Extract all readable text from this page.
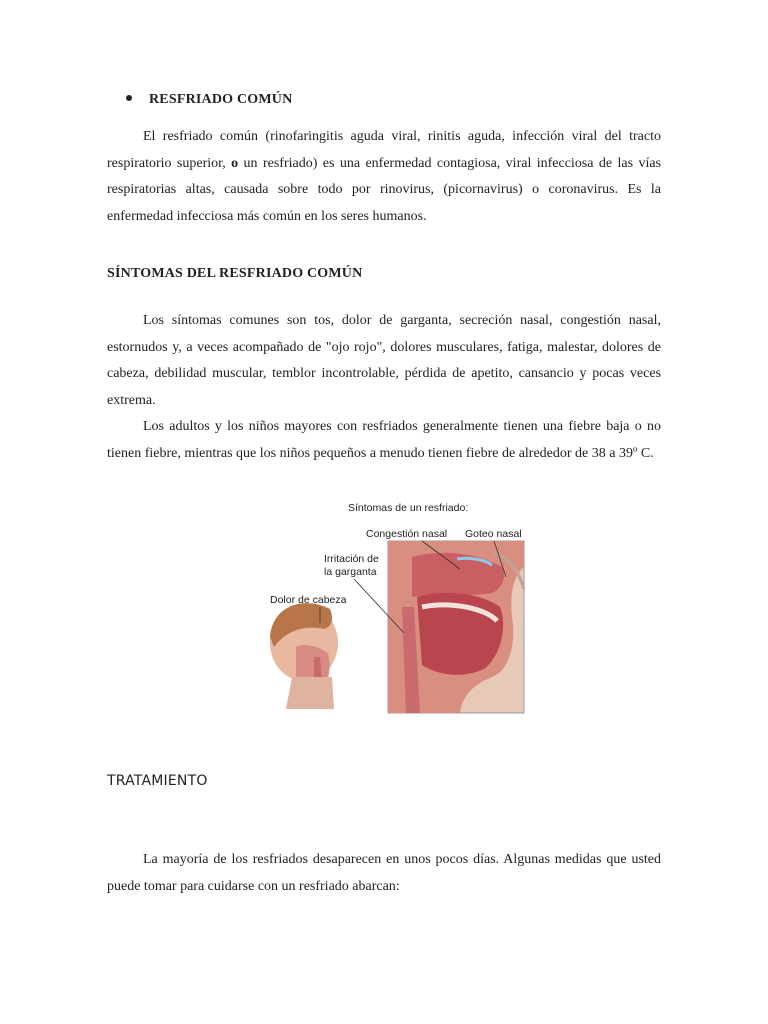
RESFRIADO COMÚN

El resfriado común (rinofaringitis aguda viral, rinitis aguda, infección viral del tracto respiratorio superior, o un resfriado) es una enfermedad contagiosa, viral infecciosa de las vías respiratorias altas, causada sobre todo por rinovirus, (picornavirus) o coronavirus. Es la enfermedad infecciosa más común en los seres humanos.

SÍNTOMAS DEL RESFRIADO COMÚN

Los síntomas comunes son tos, dolor de garganta, secreción nasal, congestión nasal, estornudos y, a veces acompañado de "ojo rojo", dolores musculares, fatiga, malestar, dolores de cabeza, debilidad muscular, temblor incontrolable, pérdida de apetito, cansancio y pocas veces extrema.

Los adultos y los niños mayores con resfriados generalmente tienen una fiebre baja o no tienen fiebre, mientras que los niños pequeños a menudo tienen fiebre de alrededor de 38 a 39º C.

Síntomas de un resfriado:
Congestión nasal Goteo nasal
Irritación de
la garganta
Dolor de cabeza
TRATAMIENTO

La mayoría de los resfriados desaparecen en unos pocos días. Algunas medidas que usted puede tomar para cuidarse con un resfriado abarcan:
